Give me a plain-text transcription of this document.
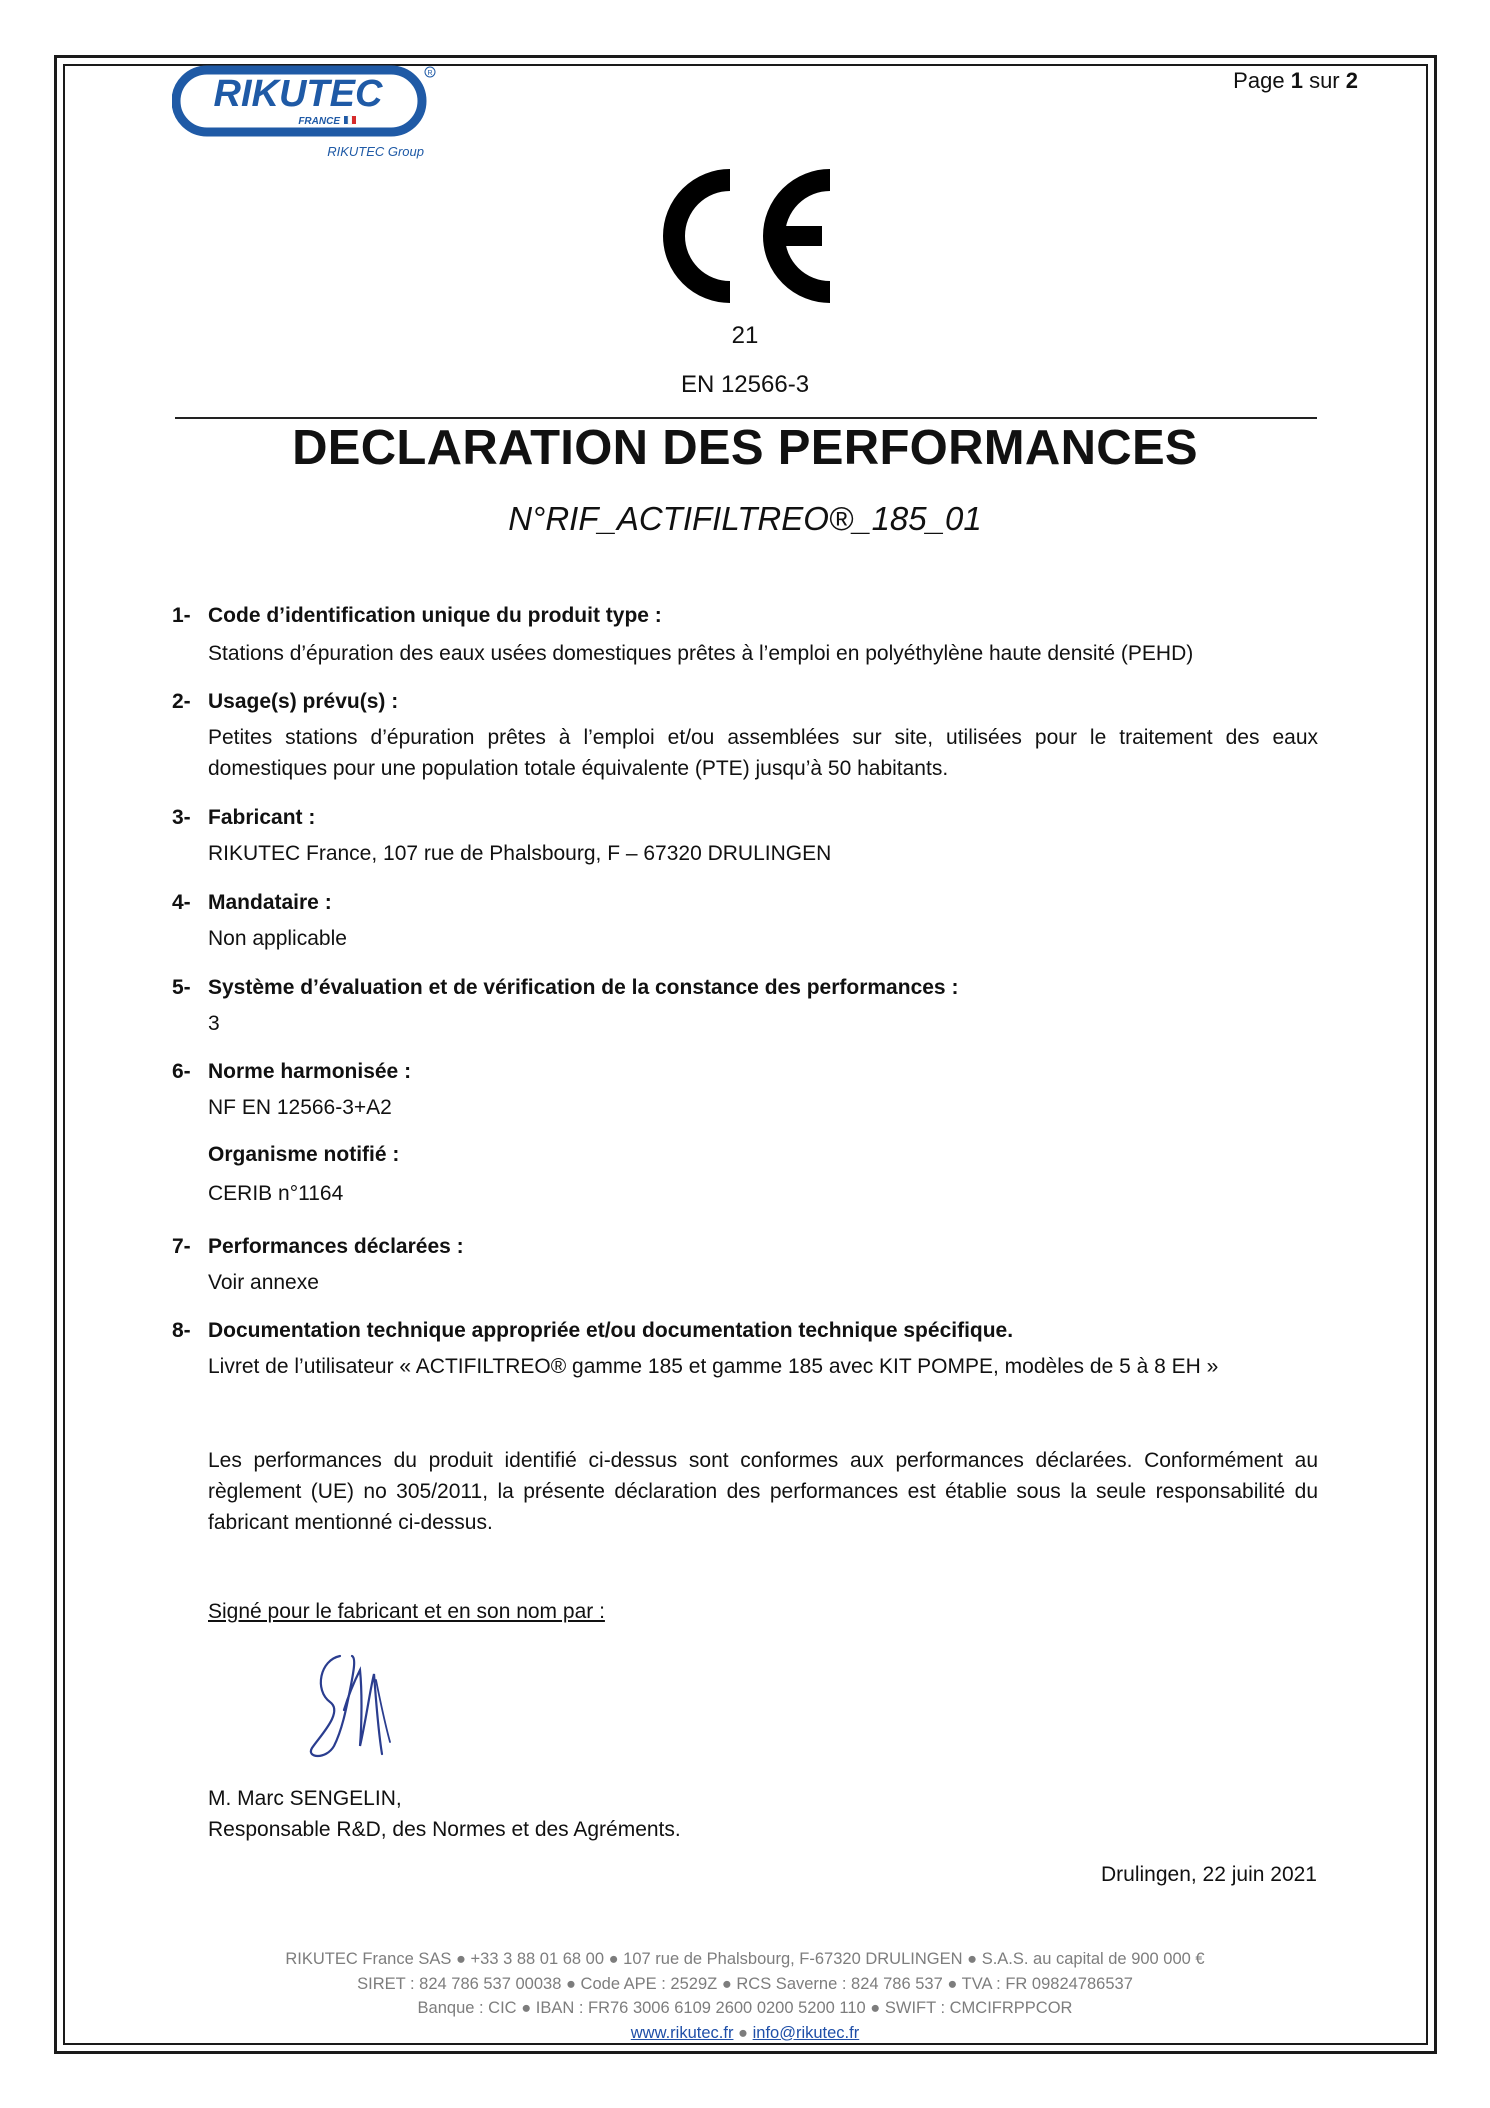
RIKUTEC
FRANCE
R
RIKUTEC Group
Page 1 sur 2
21
EN 12566-3
DECLARATION DES PERFORMANCES
N°RIF_ACTIFILTREO®_185_01
1- Code d’identification unique du produit type :
Stations d’épuration des eaux usées domestiques prêtes à l’emploi en polyéthylène haute densité (PEHD)
2- Usage(s) prévu(s) :
Petites stations d’épuration prêtes à l’emploi et/ou assemblées sur site, utilisées pour le traitement des eaux domestiques pour une population totale équivalente (PTE) jusqu’à 50 habitants.
3- Fabricant :
RIKUTEC France, 107 rue de Phalsbourg, F – 67320 DRULINGEN
4- Mandataire :
Non applicable
5- Système d’évaluation et de vérification de la constance des performances :
3
6- Norme harmonisée :
NF EN 12566-3+A2
Organisme notifié :
CERIB n°1164
7- Performances déclarées :
Voir annexe
8- Documentation technique appropriée et/ou documentation technique spécifique.
Livret de l’utilisateur « ACTIFILTREO® gamme 185 et gamme 185 avec KIT POMPE, modèles de 5 à 8 EH »
Les performances du produit identifié ci-dessus sont conformes aux performances déclarées. Conformément au règlement (UE) no 305/2011, la présente déclaration des performances est établie sous la seule responsabilité du fabricant mentionné ci-dessus.
Signé pour le fabricant et en son nom par :
M. Marc SENGELIN,
Responsable R&D, des Normes et des Agréments.
Drulingen, 22 juin 2021
RIKUTEC France SAS ● +33 3 88 01 68 00 ● 107 rue de Phalsbourg, F-67320 DRULINGEN ● S.A.S. au capital de 900 000 €
SIRET : 824 786 537 00038 ● Code APE : 2529Z ● RCS Saverne : 824 786 537 ● TVA : FR 09824786537
Banque : CIC ● IBAN : FR76 3006 6109 2600 0200 5200 110 ● SWIFT : CMCIFRPPCOR
www.rikutec.fr ● info@rikutec.fr
